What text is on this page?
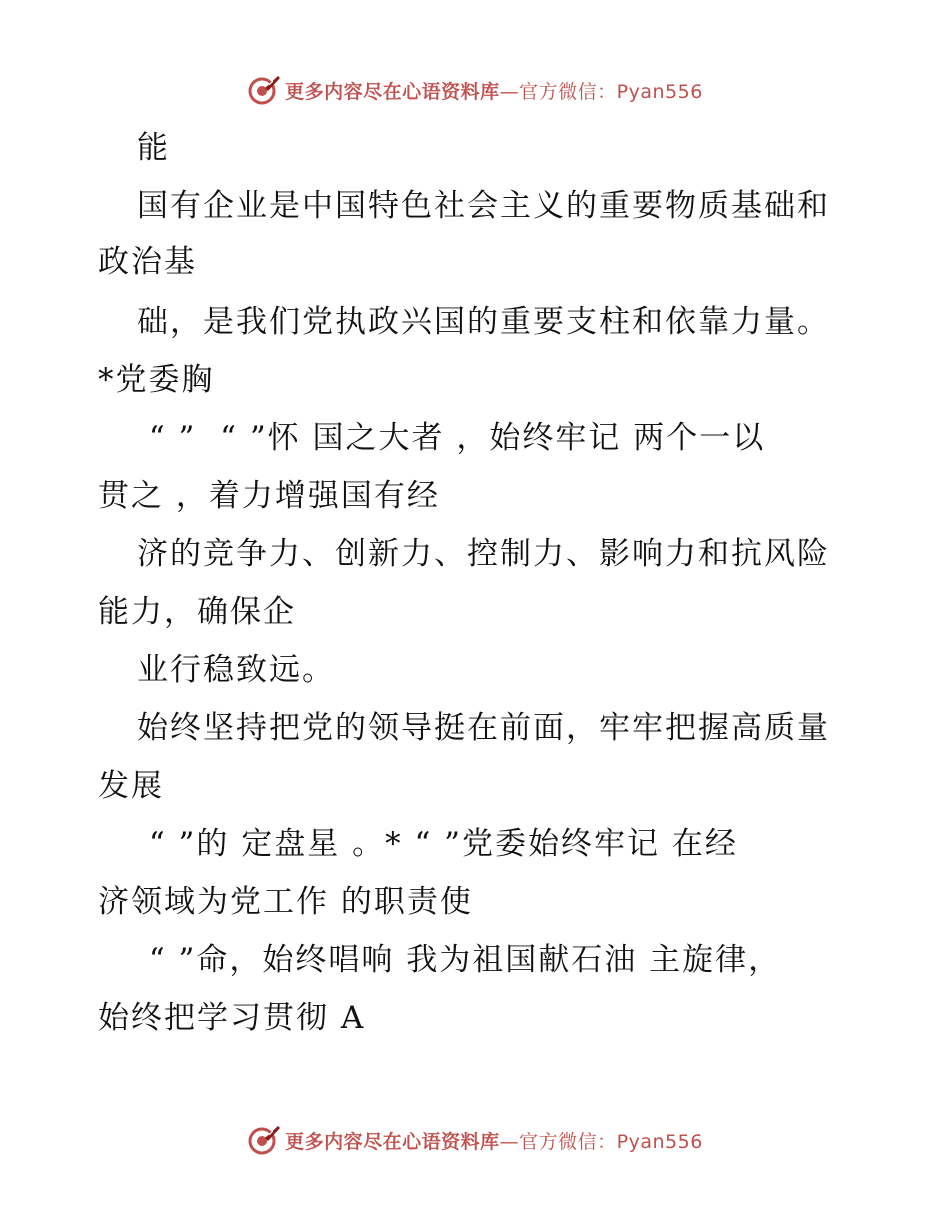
更多内容尽在心语资料库—官方微信：Pyan556
能
国有企业是中国特色社会主义的重要物质基础和
政治基
础，是我们党执政兴国的重要支柱和依靠力量。
*党委胸
“ ”  “ ”怀 国之大者 ，始终牢记 两个一以
贯之 ，着力增强国有经
济的竞争力、创新力、控制力、影响力和抗风险
能力，确保企
业行稳致远。
始终坚持把党的领导挺在前面，牢牢把握高质量
发展
“ ”的 定盘星 。* “ ”党委始终牢记 在经
济领域为党工作 的职责使
“ ”命，始终唱响 我为祖国献石油 主旋律，
始终把学习贯彻 A
更多内容尽在心语资料库—官方微信：Pyan556
